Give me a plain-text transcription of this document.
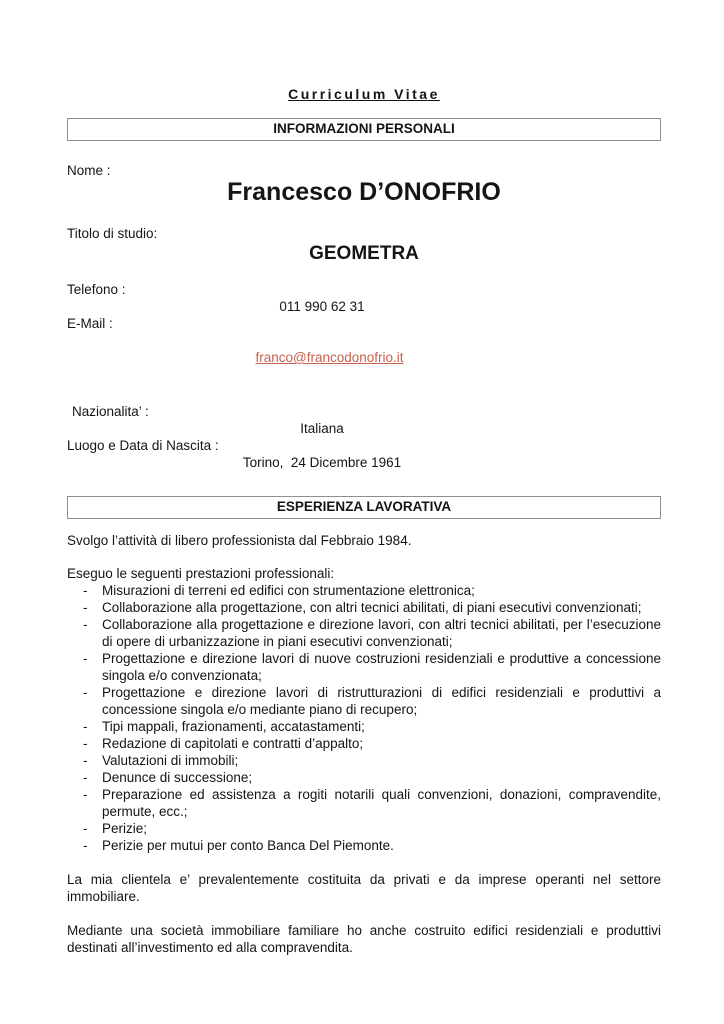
Curriculum Vitae
INFORMAZIONI PERSONALI
Nome :
Francesco D’ONOFRIO
Titolo di studio:
GEOMETRA
Telefono :
011 990 62 31
E-Mail :

franco@francodonofrio.it

Nazionalita’ :
Italiana
Luogo e Data di Nascita :
Torino,  24 Dicembre 1961
ESPERIENZA LAVORATIVA
Svolgo l’attività di libero professionista dal Febbraio 1984.
Eseguo le seguenti prestazioni professionali:
- Misurazioni di terreni ed edifici con strumentazione elettronica;
- Collaborazione alla progettazione, con altri tecnici abilitati, di piani esecutivi convenzionati;
- Collaborazione alla progettazione e direzione lavori, con altri tecnici abilitati, per l’esecuzione di opere di urbanizzazione in piani esecutivi convenzionati;
- Progettazione e direzione lavori di nuove costruzioni residenziali e produttive a concessione singola e/o convenzionata;
- Progettazione e direzione lavori di ristrutturazioni di edifici residenziali e produttivi a concessione singola e/o mediante piano di recupero;
- Tipi mappali, frazionamenti, accatastamenti;
- Redazione di capitolati e contratti d’appalto;
- Valutazioni di immobili;
- Denunce di successione;
- Preparazione ed assistenza a rogiti notarili quali convenzioni, donazioni, compravendite, permute, ecc.;
- Perizie;
- Perizie per mutui per conto Banca Del Piemonte.
La mia clientela e’ prevalentemente costituita da privati e da imprese operanti nel settore immobiliare.
Mediante una società immobiliare familiare ho anche costruito edifici residenziali e produttivi destinati all’investimento ed alla compravendita.
